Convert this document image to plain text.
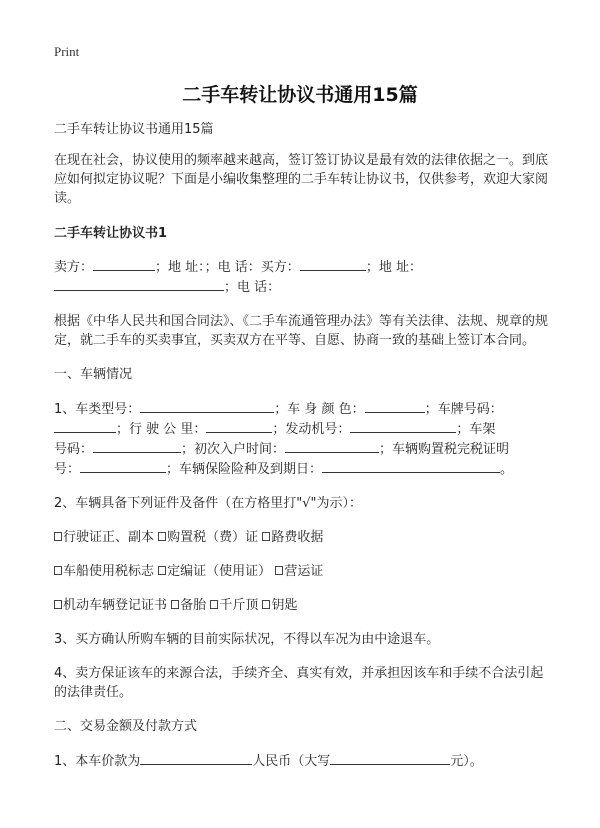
Print
二手车转让协议书通用15篇

二手车转让协议书通用15篇

在现在社会，协议使用的频率越来越高，签订签订协议是最有效的法律依据之一。到底应如何拟定协议呢？下面是小编收集整理的二手车转让协议书，仅供参考，欢迎大家阅读。

二手车转让协议书1

卖方：	；地 址：；电 话：买方：	；地 址：
；电 话：

根据《中华人民共和国合同法》、《二手车流通管理办法》等有关法律、法规、规章的规定，就二手车的买卖事宜，买卖双方在平等、自愿、协商一致的基础上签订本合同。

一、车辆情况

1、车类型号：	；车 身 颜 色：	；车牌号码：
；行 驶 公 里：	；发动机号：	；车架
号码：	；初次入户时间：	；车辆购置税完税证明
号：	；车辆保险险种及到期日：	。

2、车辆具备下列证件及备件（在方格里打"√"为示）：

行驶证正、副本 购置税（费）证 路费收据

车船使用税标志 定编证（使用证） 营运证

机动车辆登记证书 备胎 千斤顶 钥匙

3、买方确认所购车辆的目前实际状况，不得以车况为由中途退车。

4、卖方保证该车的来源合法，手续齐全、真实有效，并承担因该车和手续不合法引起的法律责任。

二、交易金额及付款方式

1、本车价款为	人民币（大写	元）。
